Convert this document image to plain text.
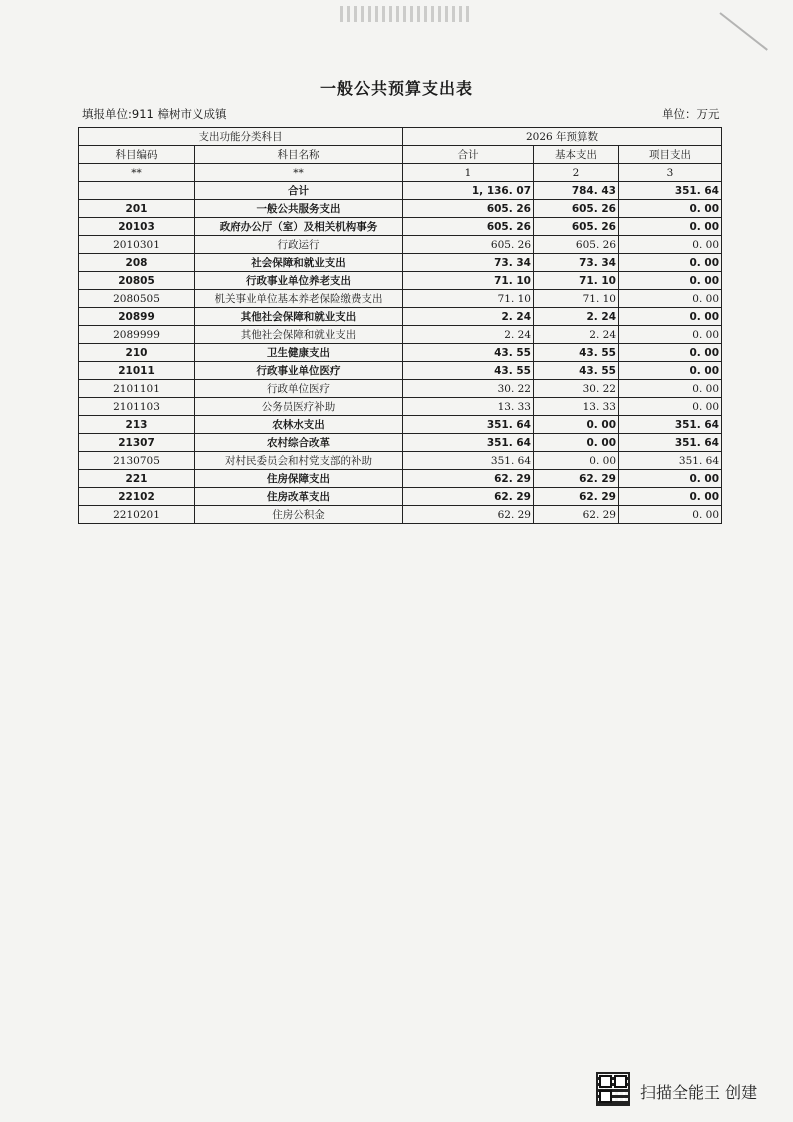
一般公共预算支出表
填报单位:911 樟树市义成镇	单位：万元
支出功能分类科目		2026 年预算数		
科目编码	科目名称	合计	基本支出	项目支出
**	**	1	2	3
	合计	1, 136. 07	784. 43	351. 64
201	一般公共服务支出	605. 26	605. 26	0. 00
20103	政府办公厅（室）及相关机构事务	605. 26	605. 26	0. 00
2010301	行政运行	605. 26	605. 26	0. 00
208	社会保障和就业支出	73. 34	73. 34	0. 00
20805	行政事业单位养老支出	71. 10	71. 10	0. 00
2080505	机关事业单位基本养老保险缴费支出	71. 10	71. 10	0. 00
20899	其他社会保障和就业支出	2. 24	2. 24	0. 00
2089999	其他社会保障和就业支出	2. 24	2. 24	0. 00
210	卫生健康支出	43. 55	43. 55	0. 00
21011	行政事业单位医疗	43. 55	43. 55	0. 00
2101101	行政单位医疗	30. 22	30. 22	0. 00
2101103	公务员医疗补助	13. 33	13. 33	0. 00
213	农林水支出	351. 64	0. 00	351. 64
21307	农村综合改革	351. 64	0. 00	351. 64
2130705	对村民委员会和村党支部的补助	351. 64	0. 00	351. 64
221	住房保障支出	62. 29	62. 29	0. 00
22102	住房改革支出	62. 29	62. 29	0. 00
2210201	住房公积金	62. 29	62. 29	0. 00
扫描全能王 创建
